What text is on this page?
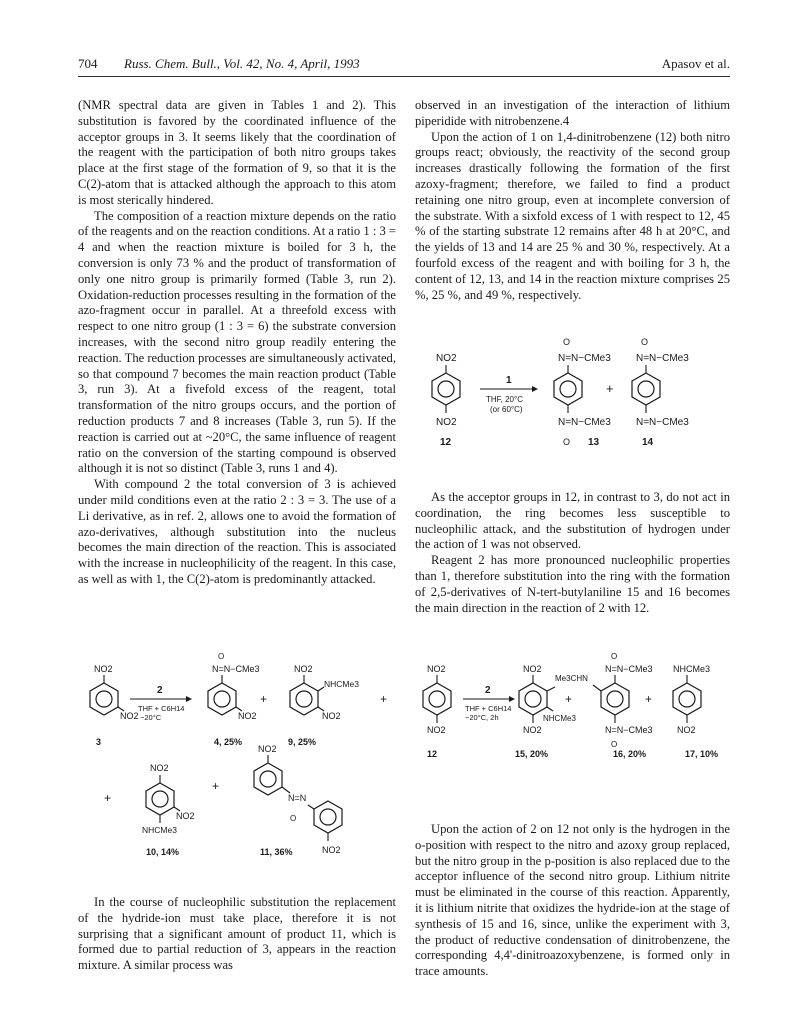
704 Russ. Chem. Bull., Vol. 42, No. 4, April, 1993	Apasov et al.

(NMR spectral data are given in Tables 1 and 2). This substitution is favored by the coordinated influence of the acceptor groups in 3. It seems likely that the coordination of the reagent with the participation of both nitro groups takes place at the first stage of the formation of 9, so that it is the C(2)-atom that is attacked although the approach to this atom is most sterically hindered.

The composition of a reaction mixture depends on the ratio of the reagents and on the reaction conditions. At a ratio 1 : 3 = 4 and when the reaction mixture is boiled for 3 h, the conversion is only 73 % and the product of transformation of only one nitro group is primarily formed (Table 3, run 2). Oxidation-reduction processes resulting in the formation of the azo-fragment occur in parallel. At a threefold excess with respect to one nitro group (1 : 3 = 6) the substrate conversion increases, with the second nitro group readily entering the reaction. The reduction processes are simultaneously activated, so that compound 7 becomes the main reaction product (Table 3, run 3). At a fivefold excess of the reagent, total transformation of the nitro groups occurs, and the portion of reduction products 7 and 8 increases (Table 3, run 5). If the reaction is carried out at ~20°C, the same influence of reagent ratio on the conversion of the starting compound is observed although it is not so distinct (Table 3, runs 1 and 4).

With compound 2 the total conversion of 3 is achieved under mild conditions even at the ratio 2 : 3 = 3. The use of a Li derivative, as in ref. 2, allows one to avoid the formation of azo-derivatives, although substitution into the nucleus becomes the main direction of the reaction. This is associated with the increase in nucleophilicity of the reagent. In this case, as well as with 1, the C(2)-atom is predominantly attacked.

observed in an investigation of the interaction of lithium piperidide with nitrobenzene.4

Upon the action of 1 on 1,4-dinitrobenzene (12) both nitro groups react; obviously, the reactivity of the second group increases drastically following the formation of the first azoxy-fragment; therefore, we failed to find a product retaining one nitro group, even at incomplete conversion of the substrate. With a sixfold excess of 1 with respect to 12, 45 % of the starting substrate 12 remains after 48 h at 20°C, and the yields of 13 and 14 are 25 % and 30 %, respectively. At a fourfold excess of the reagent and with boiling for 3 h, the content of 12, 13, and 14 in the reaction mixture comprises 25 %, 25 %, and 49 %, respectively.

NO2
NO2
12
1
THF, 20°C
(or 60°C)
O
N=N−CMe3
N=N−CMe3
O 13
+
O
N=N−CMe3
N=N−CMe3
14

As the acceptor groups in 12, in contrast to 3, do not act in coordination, the ring becomes less susceptible to nucleophilic attack, and the substitution of hydrogen under the action of 1 was not observed.

Reagent 2 has more pronounced nucleophilic properties than 1, therefore substitution into the ring with the formation of 2,5-derivatives of N-tert-butylaniline 15 and 16 becomes the main direction in the reaction of 2 with 12.

NO2
NO2
12
2
THF + C6H14
−20°C, 2h
NO2
NO2
NHCMe3
15, 20%
Me3CHN
+
O
N=N−CMe3
N=N−CMe3
O
16, 20%
+
NHCMe3
NO2
17, 10%
NO2
NO2
3
2
THF + C6H14
−20°C
O
N=N−CMe3
NO2
4, 25%
+
NO2
NHCMe3
NO2
+
9, 25%
+
NO2
NO2
NHCMe3
10, 14%
+
NO2
N=N
O
NO2
11, 36%

In the course of nucleophilic substitution the replacement of the hydride-ion must take place, therefore it is not surprising that a significant amount of product 11, which is formed due to partial reduction of 3, appears in the reaction mixture. A similar process was

Upon the action of 2 on 12 not only is the hydrogen in the o-position with respect to the nitro and azoxy group replaced, but the nitro group in the p-position is also replaced due to the acceptor influence of the second nitro group. Lithium nitrite must be eliminated in the course of this reaction. Apparently, it is lithium nitrite that oxidizes the hydride-ion at the stage of synthesis of 15 and 16, since, unlike the experiment with 3, the product of reductive condensation of dinitrobenzene, the corresponding 4,4'-dinitroazoxybenzene, is formed only in trace amounts.
